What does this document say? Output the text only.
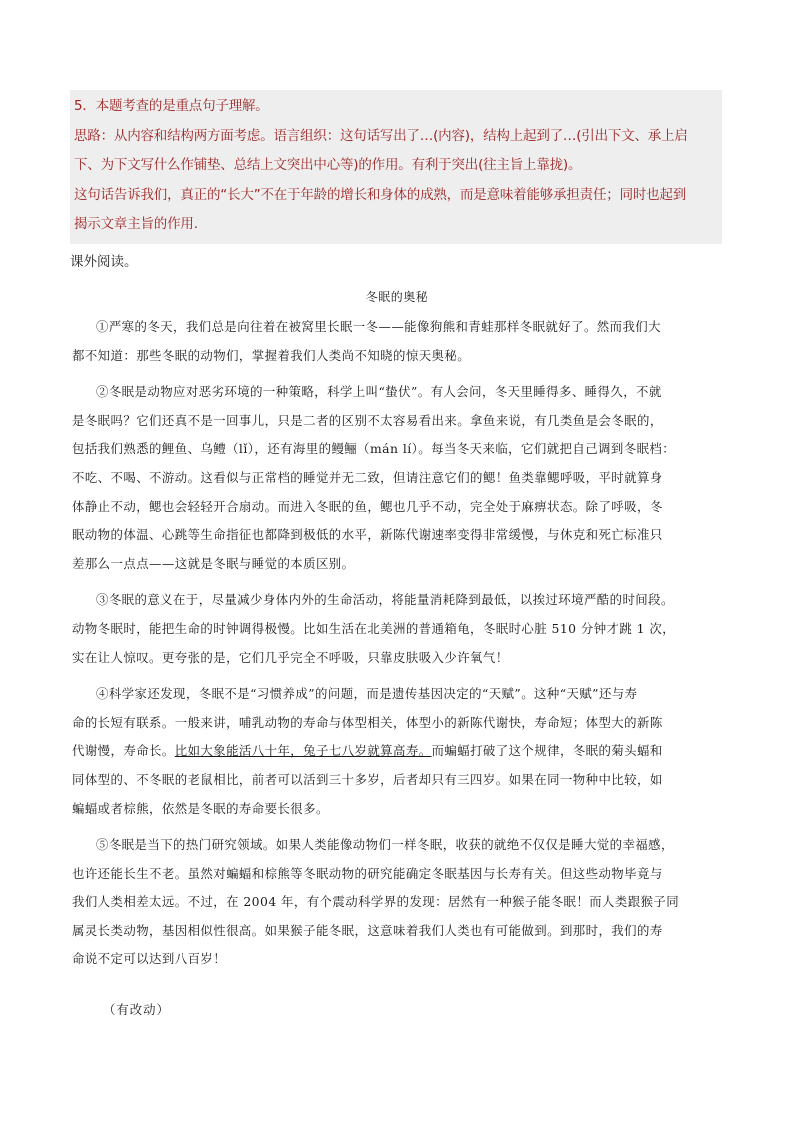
5．本题考查的是重点句子理解。

思路：从内容和结构两方面考虑。语言组织：这句话写出了…(内容)，结构上起到了…(引出下文、承上启

下、为下文写什么作铺垫、总结上文突出中心等)的作用。有利于突出(往主旨上靠拢)。

这句话告诉我们，真正的“长大”不在于年龄的增长和身体的成熟，而是意味着能够承担责任；同时也起到

揭示文章主旨的作用.

课外阅读。
冬眠的奥秘
①严寒的冬天，我们总是向往着在被窝里长眠一冬——能像狗熊和青蛙那样冬眠就好了。然而我们大
都不知道：那些冬眠的动物们，掌握着我们人类尚不知晓的惊天奥秘。
②冬眠是动物应对恶劣环境的一种策略，科学上叫“蛰伏”。有人会问，冬天里睡得多、睡得久，不就
是冬眠吗？它们还真不是一回事儿，只是二者的区别不太容易看出来。拿鱼来说，有几类鱼是会冬眠的，
包括我们熟悉的鲤鱼、乌鳢（lǐ），还有海里的鳗鲡（mán lí）。每当冬天来临，它们就把自己调到冬眠档：
不吃、不喝、不游动。这看似与正常档的睡觉并无二致，但请注意它们的鳃！鱼类靠鳃呼吸，平时就算身
体静止不动，鳃也会轻轻开合扇动。而进入冬眠的鱼，鳃也几乎不动，完全处于麻痹状态。除了呼吸，冬
眠动物的体温、心跳等生命指征也都降到极低的水平，新陈代谢速率变得非常缓慢，与休克和死亡标准只
差那么一点点——这就是冬眠与睡觉的本质区别。
③冬眠的意义在于，尽量减少身体内外的生命活动，将能量消耗降到最低，以挨过环境严酷的时间段。
动物冬眠时，能把生命的时钟调得极慢。比如生活在北美洲的普通箱龟，冬眠时心脏 510 分钟才跳 1 次，
实在让人惊叹。更夸张的是，它们几乎完全不呼吸，只靠皮肤吸入少许氧气！
④科学家还发现，冬眠不是“习惯养成”的问题，而是遗传基因决定的“天赋”。这种“天赋”还与寿
命的长短有联系。一般来讲，哺乳动物的寿命与体型相关，体型小的新陈代谢快，寿命短；体型大的新陈
代谢慢，寿命长。比如大象能活八十年，兔子七八岁就算高寿。而蝙蝠打破了这个规律，冬眠的菊头蝠和
同体型的、不冬眠的老鼠相比，前者可以活到三十多岁，后者却只有三四岁。如果在同一物种中比较，如
蝙蝠或者棕熊，依然是冬眠的寿命要长很多。
⑤冬眠是当下的热门研究领域。如果人类能像动物们一样冬眠，收获的就绝不仅仅是睡大觉的幸福感，
也许还能长生不老。虽然对蝙蝠和棕熊等冬眠动物的研究能确定冬眠基因与长寿有关。但这些动物毕竟与
我们人类相差太远。不过，在 2004 年，有个震动科学界的发现：居然有一种猴子能冬眠！而人类跟猴子同
属灵长类动物，基因相似性很高。如果猴子能冬眠，这意味着我们人类也有可能做到。到那时，我们的寿
命说不定可以达到八百岁！
（有改动）
